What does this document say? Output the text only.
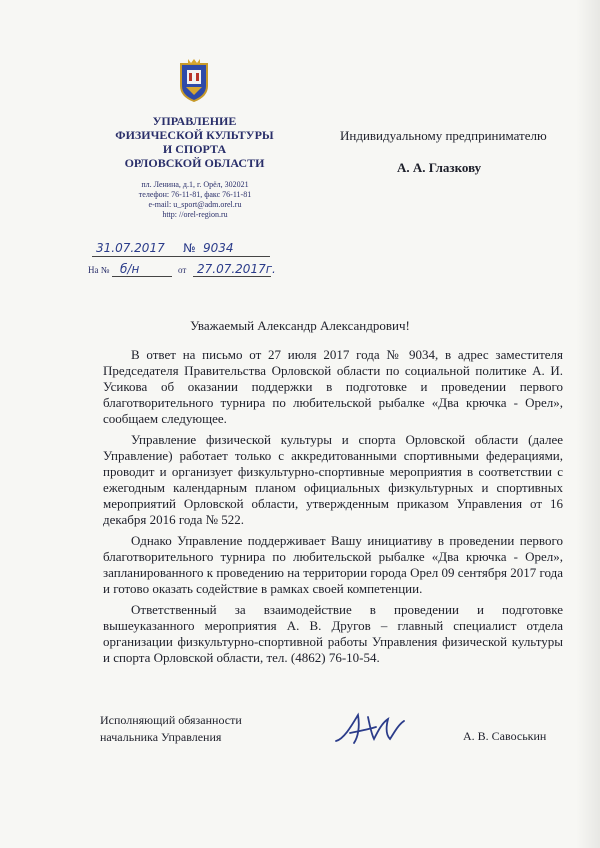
УПРАВЛЕНИЕ
ФИЗИЧЕСКОЙ КУЛЬТУРЫ
И СПОРТА
ОРЛОВСКОЙ ОБЛАСТИ
пл. Ленина, д.1, г. Орёл, 302021
телефон: 76-11-81, факс 76-11-81
e-mail: u_sport@adm.orel.ru
http: //orel-region.ru
Индивидуальному предпринимателю
А. А. Глазкову
31.07.2017 № 9034
На № б/н	от 27.07.2017г.
Уважаемый Александр Александрович!

В ответ на письмо от 27 июля 2017 года № 9034, в адрес заместителя Председателя Правительства Орловской области по социальной политике А. И. Усикова об оказании поддержки в подготовке и проведении первого благотворительного турнира по любительской рыбалке «Два крючка - Орел», сообщаем следующее.

Управление физической культуры и спорта Орловской области (далее Управление) работает только с аккредитованными спортивными федерациями, проводит и организует физкультурно-спортивные мероприятия в соответствии с ежегодным календарным планом официальных физкультурных и спортивных мероприятий Орловской области, утвержденным приказом Управления от 16 декабря 2016 года № 522.

Однако Управление поддерживает Вашу инициативу в проведении первого благотворительного турнира по любительской рыбалке «Два крючка - Орел», запланированного к проведению на территории города Орел 09 сентября 2017 года и готово оказать содействие в рамках своей компетенции.

Ответственный за взаимодействие в проведении и подготовке вышеуказанного мероприятия А. В. Другов – главный специалист отдела организации физкультурно-спортивной работы Управления физической культуры и спорта Орловской области, тел. (4862) 76-10-54.

Исполняющий обязанности
начальника Управления	А. В. Савоськин
